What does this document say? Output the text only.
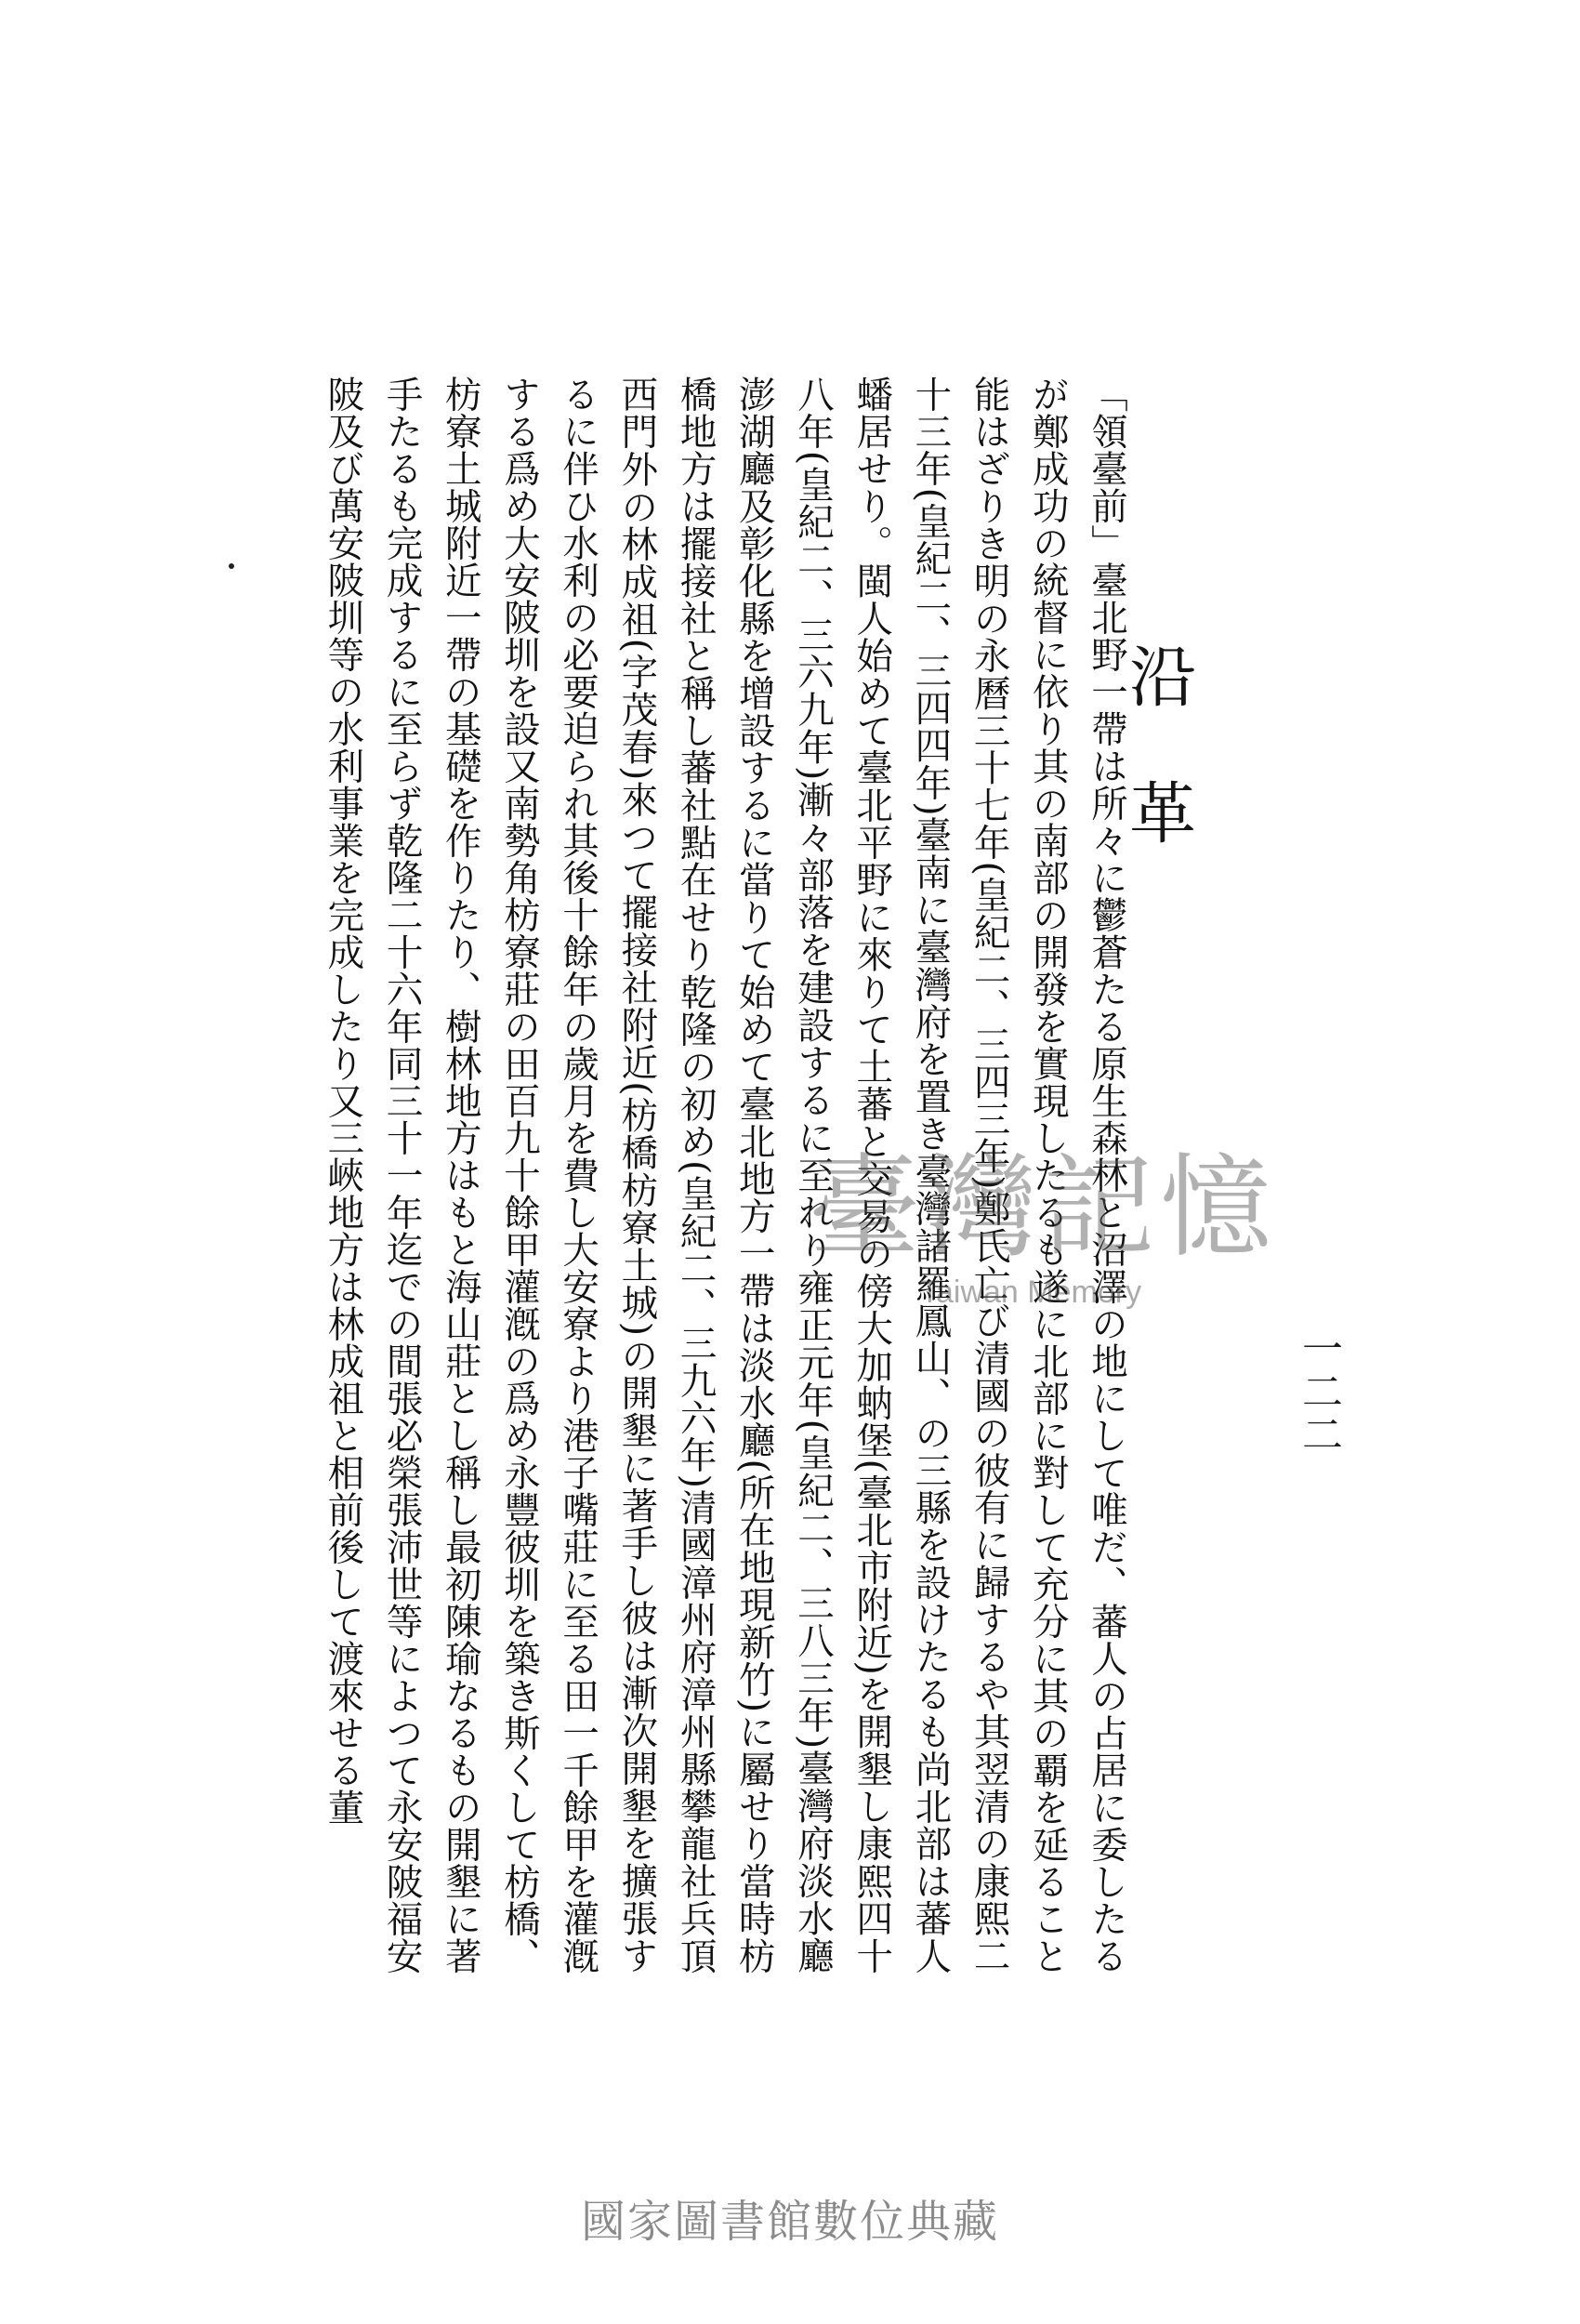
一二二
沿革

「領臺前」臺北野一帶は所々に鬱蒼たる原生森林と沼澤の地にして唯だ、蕃人の占居に委したるが鄭成功の統督に依り其の南部の開發を實現したるも遂に北部に對して充分に其の覇を延ること能はざりき明の永曆三十七年(皇紀二、三四三年)鄭氏亡び清國の彼有に歸するや其翌清の康熙二十三年(皇紀二、三四四年)臺南に臺灣府を置き臺灣諸羅鳳山、の三縣を設けたるも尚北部は蕃人蟠居せり。閩人始めて臺北平野に來りて土蕃と交易の傍大加蚋堡(臺北市附近)を開墾し康熙四十八年(皇紀二、三六九年)漸々部落を建設するに至れり雍正元年(皇紀二、三八三年)臺灣府淡水廳澎湖廳及彰化縣を增設するに當りて始めて臺北地方一帶は淡水廳(所在地現新竹)に屬せり當時枋橋地方は擺接社と稱し蕃社點在せり乾隆の初め(皇紀二、三九六年)清國漳州府漳州縣攀龍社兵頂西門外の林成祖(字茂春)來つて擺接社附近(枋橋枋寮土城)の開墾に著手し彼は漸次開墾を擴張するに伴ひ水利の必要迫られ其後十餘年の歲月を費し大安寮より港子嘴莊に至る田一千餘甲を灌漑する爲め大安陂圳を設又南勢角枋寮莊の田百九十餘甲灌漑の爲め永豐彼圳を築き斯くして枋橋、枋寮土城附近一帶の基礎を作りたり、樹林地方はもと海山莊とし稱し最初陳瑜なるもの開墾に著手たるも完成するに至らず乾隆二十六年同三十一年迄での間張必榮張沛世等によつて永安陂福安陂及び萬安陂圳等の水利事業を完成したり又三峽地方は林成祖と相前後して渡來せる董	臺灣記憶
Taiwan Memory
國家圖書館數位典藏
